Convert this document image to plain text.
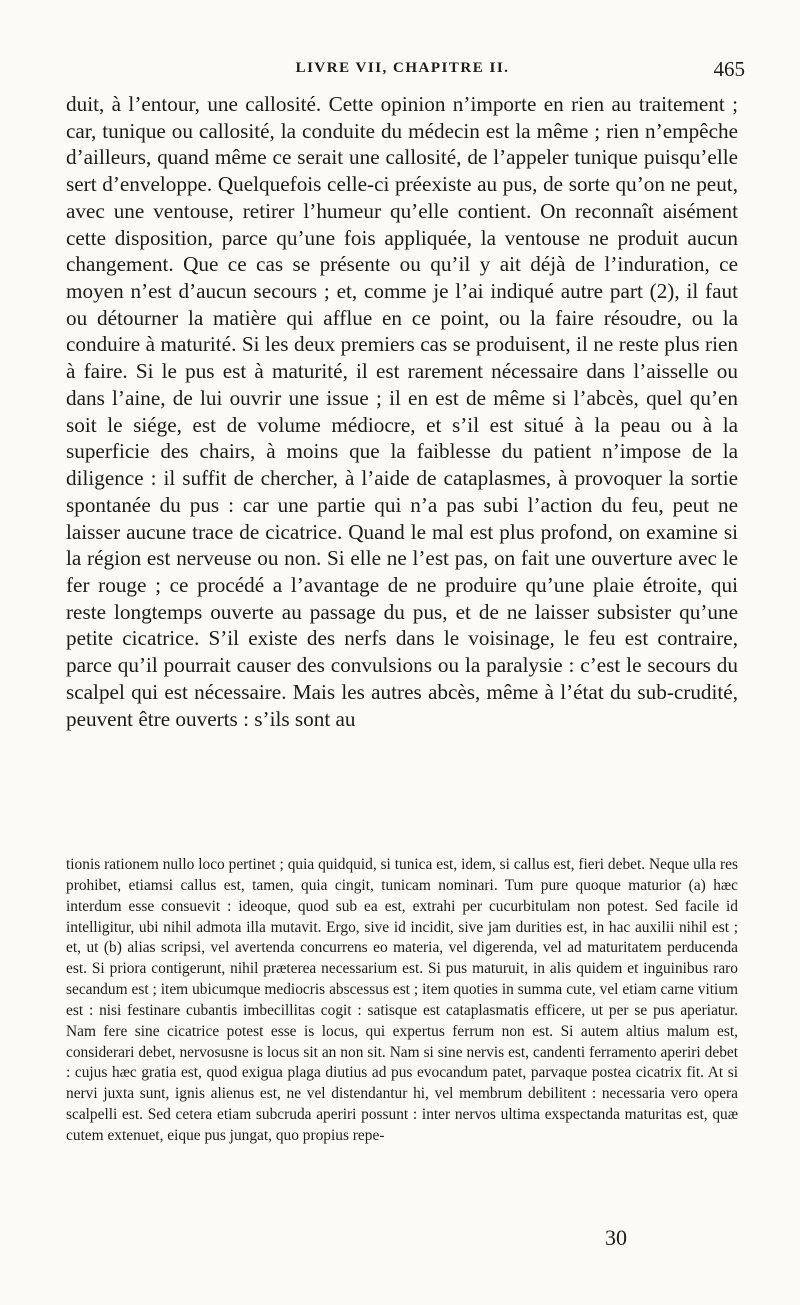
LIVRE VII, CHAPITRE II.	465

duit, à l’entour, une callosité. Cette opinion n’importe en rien au traitement ; car, tunique ou callosité, la conduite du médecin est la même ; rien n’empêche d’ailleurs, quand même ce serait une callosité, de l’appeler tunique puisqu’elle sert d’enveloppe. Quelquefois celle-ci préexiste au pus, de sorte qu’on ne peut, avec une ventouse, retirer l’humeur qu’elle contient. On reconnaît aisément cette disposition, parce qu’une fois appliquée, la ventouse ne produit aucun changement. Que ce cas se présente ou qu’il y ait déjà de l’induration, ce moyen n’est d’aucun secours ; et, comme je l’ai indiqué autre part (2), il faut ou détourner la matière qui afflue en ce point, ou la faire résoudre, ou la conduire à maturité. Si les deux premiers cas se produisent, il ne reste plus rien à faire. Si le pus est à maturité, il est rarement nécessaire dans l’aisselle ou dans l’aine, de lui ouvrir une issue ; il en est de même si l’abcès, quel qu’en soit le siége, est de volume médiocre, et s’il est situé à la peau ou à la superficie des chairs, à moins que la faiblesse du patient n’impose de la diligence : il suffit de chercher, à l’aide de cataplasmes, à provoquer la sortie spontanée du pus : car une partie qui n’a pas subi l’action du feu, peut ne laisser aucune trace de cicatrice. Quand le mal est plus profond, on examine si la région est nerveuse ou non. Si elle ne l’est pas, on fait une ouverture avec le fer rouge ; ce procédé a l’avantage de ne produire qu’une plaie étroite, qui reste longtemps ouverte au passage du pus, et de ne laisser subsister qu’une petite cicatrice. S’il existe des nerfs dans le voisinage, le feu est contraire, parce qu’il pourrait causer des convulsions ou la paralysie : c’est le secours du scalpel qui est nécessaire. Mais les autres abcès, même à l’état du sub-crudité, peuvent être ouverts : s’ils sont au

tionis rationem nullo loco pertinet ; quia quidquid, si tunica est, idem, si callus est, fieri debet. Neque ulla res prohibet, etiamsi callus est, tamen, quia cingit, tunicam nominari. Tum pure quoque maturior (a) hæc interdum esse consuevit : ideoque, quod sub ea est, extrahi per cucurbitulam non potest. Sed facile id intelligitur, ubi nihil admota illa mutavit. Ergo, sive id incidit, sive jam durities est, in hac auxilii nihil est ; et, ut (b) alias scripsi, vel avertenda concurrens eo materia, vel digerenda, vel ad maturitatem perducenda est. Si priora contigerunt, nihil præterea necessarium est. Si pus maturuit, in alis quidem et inguinibus raro secandum est ; item ubicumque mediocris abscessus est ; item quoties in summa cute, vel etiam carne vitium est : nisi festinare cubantis imbecillitas cogit : satisque est cataplasmatis efficere, ut per se pus aperiatur. Nam fere sine cicatrice potest esse is locus, qui expertus ferrum non est. Si autem altius malum est, considerari debet, nervosusne is locus sit an non sit. Nam si sine nervis est, candenti ferramento aperiri debet : cujus hæc gratia est, quod exigua plaga diutius ad pus evocandum patet, parvaque postea cicatrix fit. At si nervi juxta sunt, ignis alienus est, ne vel distendantur hi, vel membrum debilitent : necessaria vero opera scalpelli est. Sed cetera etiam subcruda aperiri possunt : inter nervos ultima exspectanda maturitas est, quæ cutem extenuet, eique pus jungat, quo propius repe-

30
